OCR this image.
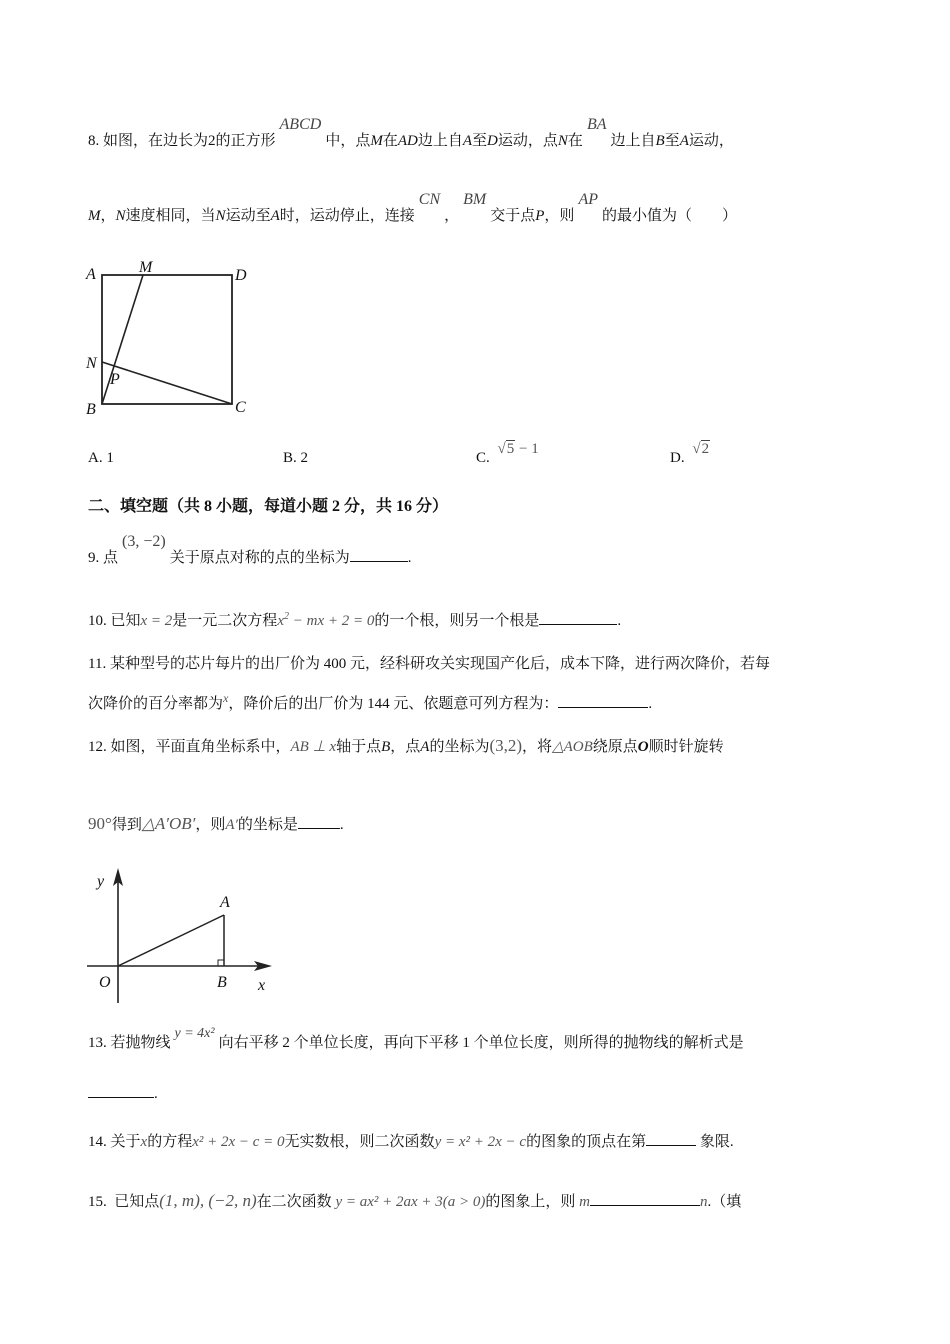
8. 如图，在边长为2的正方形ABCD中，点M在AD边上自A至D运动，点N在BA边上自B至A运动，
M，N速度相同，当N运动至A时，运动停止，连接CN，BM交于点P，则AP的最小值为（　　）
A	M	D
N
P
B	C
A. 1	B. 2	C. √5 − 1
D. √2
二、填空题（共 8 小题，每道小题 2 分，共 16 分）
9. 点(3, −2)关于原点对称的点的坐标为	.
10. 已知x = 2是一元二次方程$x^2$ − mx + 2 = 0的一个根，则另一个根是	.
11. 某种型号的芯片每片的出厂价为 400 元，经科研攻关实现国产化后，成本下降，进行两次降价，若每
次降价的百分率都为$^x$，降价后的出厂价为 144 元、依题意可列方程为：	.
12. 如图，平面直角坐标系中，AB ⊥ x轴于点B，点A的坐标为(3,2)，将△AOB绕原点O顺时针旋转
90°得到△A′OB′，则A′的坐标是	.
y
A
O	B x
13. 若抛物线y = 4x²向右平移 2 个单位长度，再向下平移 1 个单位长度，则所得的抛物线的解析式是
.
14. 关于x的方程x² + 2x − c = 0无实数根，则二次函数y = x² + 2x − c的图象的顶点在第	象限.
15.  已知点(1, m), (−2, n)在二次函数 y = ax² + 2ax + 3(a > 0)的图象上，则 m	n.（填
